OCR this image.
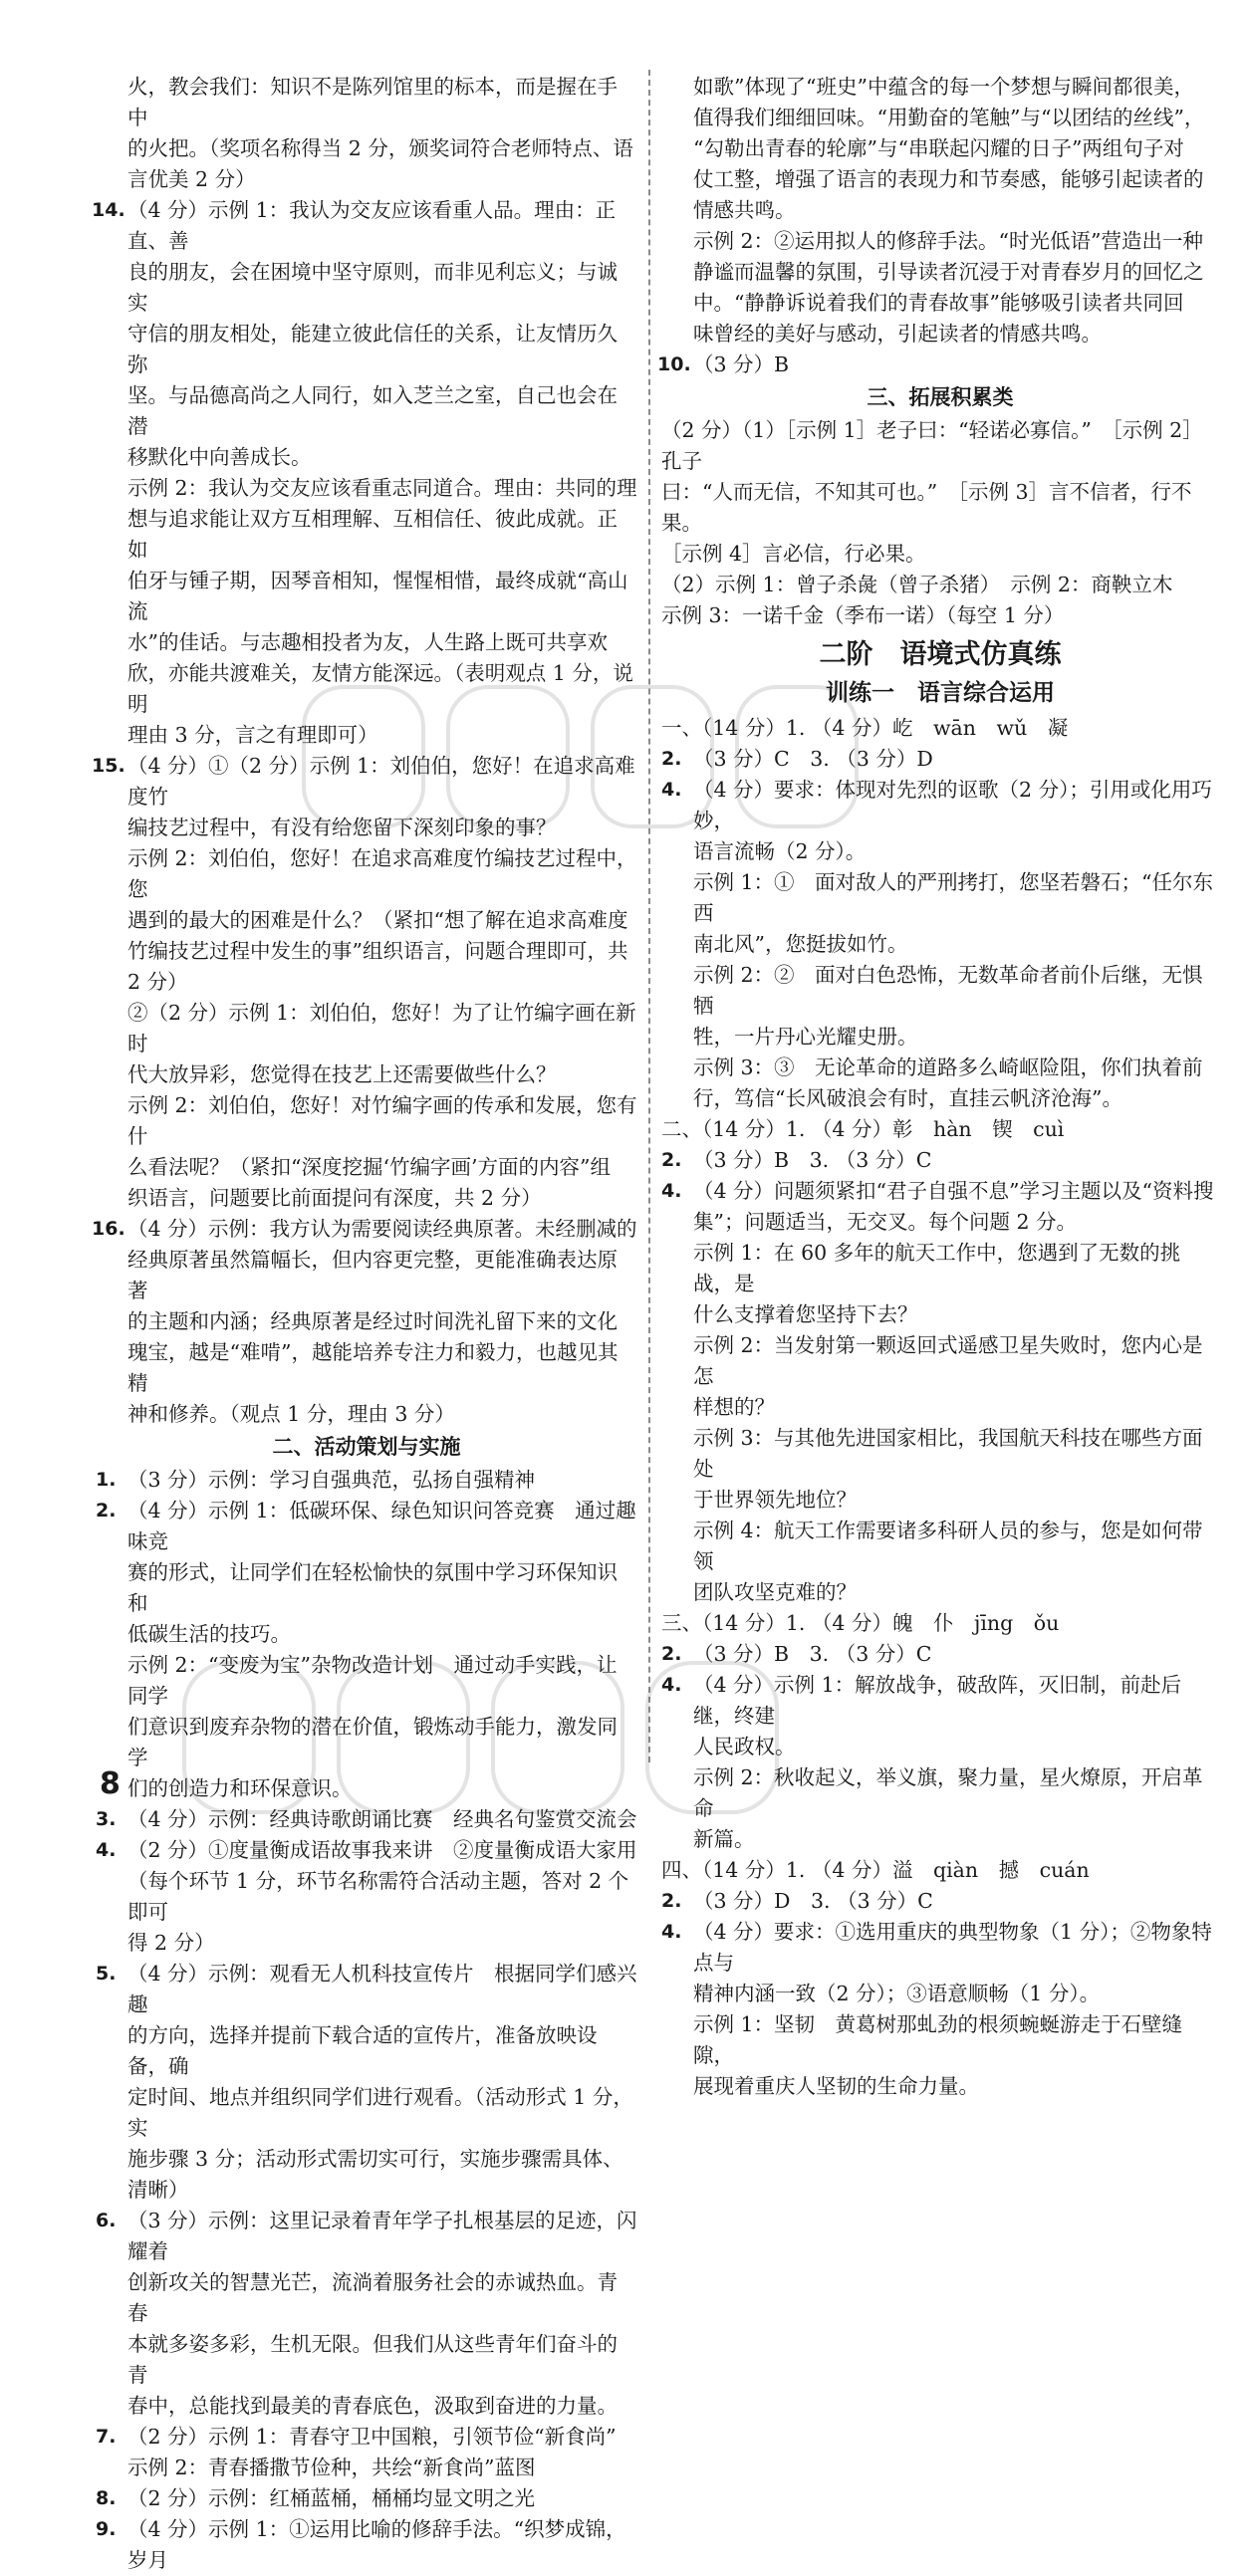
火，教会我们：知识不是陈列馆里的标本，而是握在手中
的火把。（奖项名称得当 2 分，颁奖词符合老师特点、语
言优美 2 分）
14. （4 分）示例 1：我认为交友应该看重人品。理由：正直、善
良的朋友，会在困境中坚守原则，而非见利忘义；与诚实
守信的朋友相处，能建立彼此信任的关系，让友情历久弥
坚。与品德高尚之人同行，如入芝兰之室，自己也会在潜
移默化中向善成长。
示例 2：我认为交友应该看重志同道合。理由：共同的理
想与追求能让双方互相理解、互相信任、彼此成就。正如
伯牙与锺子期，因琴音相知，惺惺相惜，最终成就“高山流
水”的佳话。与志趣相投者为友，人生路上既可共享欢
欣，亦能共渡难关，友情方能深远。（表明观点 1 分，说明
理由 3 分，言之有理即可）
15. （4 分）①（2 分）示例 1：刘伯伯，您好！在追求高难度竹
编技艺过程中，有没有给您留下深刻印象的事？
示例 2：刘伯伯，您好！在追求高难度竹编技艺过程中，您
遇到的最大的困难是什么？（紧扣“想了解在追求高难度
竹编技艺过程中发生的事”组织语言，问题合理即可，共 2 分）
②（2 分）示例 1：刘伯伯，您好！为了让竹编字画在新时
代大放异彩，您觉得在技艺上还需要做些什么？
示例 2：刘伯伯，您好！对竹编字画的传承和发展，您有什
么看法呢？（紧扣“深度挖掘‘竹编字画’方面的内容”组
织语言，问题要比前面提问有深度，共 2 分）
16. （4 分）示例：我方认为需要阅读经典原著。未经删减的
经典原著虽然篇幅长，但内容更完整，更能准确表达原著
的主题和内涵；经典原著是经过时间洗礼留下来的文化
瑰宝，越是“难啃”，越能培养专注力和毅力，也越见其精
神和修养。（观点 1 分，理由 3 分）
二、活动策划与实施
1. （3 分）示例：学习自强典范，弘扬自强精神
2. （4 分）示例 1：低碳环保、绿色知识问答竞赛　通过趣味竞
赛的形式，让同学们在轻松愉快的氛围中学习环保知识和
低碳生活的技巧。
示例 2：“变废为宝”杂物改造计划　通过动手实践，让同学
们意识到废弃杂物的潜在价值，锻炼动手能力，激发同学
们的创造力和环保意识。
3. （4 分）示例：经典诗歌朗诵比赛　经典名句鉴赏交流会
4. （2 分）①度量衡成语故事我来讲　②度量衡成语大家用
（每个环节 1 分，环节名称需符合活动主题，答对 2 个即可
得 2 分）
5. （4 分）示例：观看无人机科技宣传片　根据同学们感兴趣
的方向，选择并提前下载合适的宣传片，准备放映设备，确
定时间、地点并组织同学们进行观看。（活动形式 1 分，实
施步骤 3 分；活动形式需切实可行，实施步骤需具体、清晰）
6. （3 分）示例：这里记录着青年学子扎根基层的足迹，闪耀着
创新攻关的智慧光芒，流淌着服务社会的赤诚热血。青春
本就多姿多彩，生机无限。但我们从这些青年们奋斗的青
春中，总能找到最美的青春底色，汲取到奋进的力量。
7. （2 分）示例 1：青春守卫中国粮，引领节俭“新食尚”
示例 2：青春播撒节俭种，共绘“新食尚”蓝图
8. （2 分）示例：红桶蓝桶，桶桶均显文明之光
9. （4 分）示例 1：①运用比喻的修辞手法。“织梦成锦，岁月
如歌”体现了“班史”中蕴含的每一个梦想与瞬间都很美，
值得我们细细回味。“用勤奋的笔触”与“以团结的丝线”，
“勾勒出青春的轮廓”与“串联起闪耀的日子”两组句子对
仗工整，增强了语言的表现力和节奏感，能够引起读者的
情感共鸣。
示例 2：②运用拟人的修辞手法。“时光低语”营造出一种
静谧而温馨的氛围，引导读者沉浸于对青春岁月的回忆之
中。“静静诉说着我们的青春故事”能够吸引读者共同回
味曾经的美好与感动，引起读者的情感共鸣。
10. （3 分）B
三、拓展积累类
（2 分）（1）［示例 1］老子曰：“轻诺必寡信。”　［示例 2］孔子
曰：“人而无信，不知其可也。”　［示例 3］言不信者，行不果。
［示例 4］言必信，行必果。
（2）示例 1：曾子杀彘（曾子杀猪）　示例 2：商鞅立木
示例 3：一诺千金（季布一诺）（每空 1 分）
二阶　语境式仿真练
训练一　语言综合运用
一、（14 分）1. （4 分）屹　wān　wǔ　凝
2. （3 分）C　3. （3 分）D
4. （4 分）要求：体现对先烈的讴歌（2 分）；引用或化用巧妙，
语言流畅（2 分）。
示例 1：①　面对敌人的严刑拷打，您坚若磐石；“任尔东西
南北风”，您挺拔如竹。
示例 2：②　面对白色恐怖，无数革命者前仆后继，无惧牺
牲，一片丹心光耀史册。
示例 3：③　无论革命的道路多么崎岖险阻，你们执着前
行，笃信“长风破浪会有时，直挂云帆济沧海”。
二、（14 分）1. （4 分）彰　hàn　锲　cuì
2. （3 分）B　3. （3 分）C
4. （4 分）问题须紧扣“君子自强不息”学习主题以及“资料搜
集”；问题适当，无交叉。每个问题 2 分。
示例 1：在 60 多年的航天工作中，您遇到了无数的挑战，是
什么支撑着您坚持下去？
示例 2：当发射第一颗返回式遥感卫星失败时，您内心是怎
样想的？
示例 3：与其他先进国家相比，我国航天科技在哪些方面处
于世界领先地位？
示例 4：航天工作需要诸多科研人员的参与，您是如何带领
团队攻坚克难的？
三、（14 分）1. （4 分）魄　仆　jīng　ǒu
2. （3 分）B　3. （3 分）C
4. （4 分）示例 1：解放战争，破敌阵，灭旧制，前赴后继，终建
人民政权。
示例 2：秋收起义，举义旗，聚力量，星火燎原，开启革命
新篇。
四、（14 分）1. （4 分）溢　qiàn　撼　cuán
2. （3 分）D　3. （3 分）C
4. （4 分）要求：①选用重庆的典型物象（1 分）；②物象特点与
精神内涵一致（2 分）；③语意顺畅（1 分）。
示例 1：坚韧　黄葛树那虬劲的根须蜿蜒游走于石壁缝隙，
展现着重庆人坚韧的生命力量。
8
